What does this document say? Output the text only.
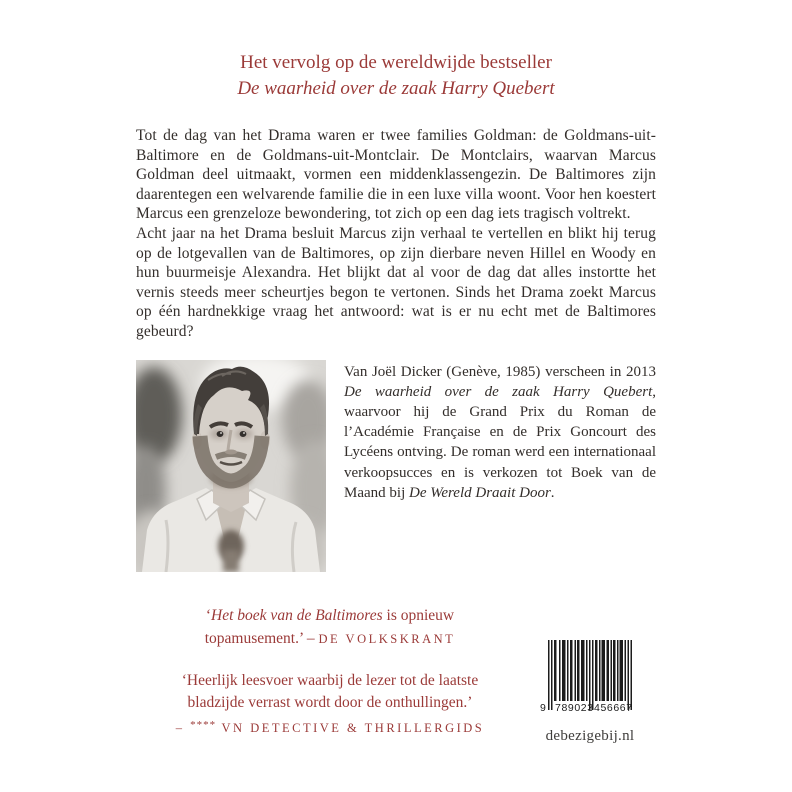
Het vervolg op de wereldwijde bestseller
De waarheid over de zaak Harry Quebert

Tot de dag van het Drama waren er twee families Goldman: de Goldmans-uit-Baltimore en de Goldmans-uit-Montclair. De Montclairs, waarvan Marcus Goldman deel uitmaakt, vormen een middenklassengezin. De Baltimores zijn daarentegen een welvarende familie die in een luxe villa woont. Voor hen koestert Marcus een grenzeloze bewondering, tot zich op een dag iets tragisch voltrekt.

Acht jaar na het Drama besluit Marcus zijn verhaal te vertellen en blikt hij terug op de lotgevallen van de Baltimores, op zijn dierbare neven Hillel en Woody en hun buurmeisje Alexandra. Het blijkt dat al voor de dag dat alles instortte het vernis steeds meer scheurtjes begon te vertonen. Sinds het Drama zoekt Marcus op één hardnekkige vraag het antwoord: wat is er nu echt met de Baltimores gebeurd?

Van Joël Dicker (Genève, 1985) verscheen in 2013 De waarheid over de zaak Harry Quebert, waarvoor hij de Grand Prix du Roman de l’Académie Française en de Prix Goncourt des Lycéens ontving. De roman werd een internationaal verkoopsucces en is verkozen tot Boek van de Maand bij De Wereld Draait Door.
‘Het boek van de Baltimores is opnieuw
topamusement.’ – DE VOLKSKRANT
‘Heerlijk leesvoer waarbij de lezer tot de laatste
bladzijde verrast wordt door de onthullingen.’
– **** VN DETECTIVE & THRILLERGIDS
9 789023 456667
debezigebij.nl
